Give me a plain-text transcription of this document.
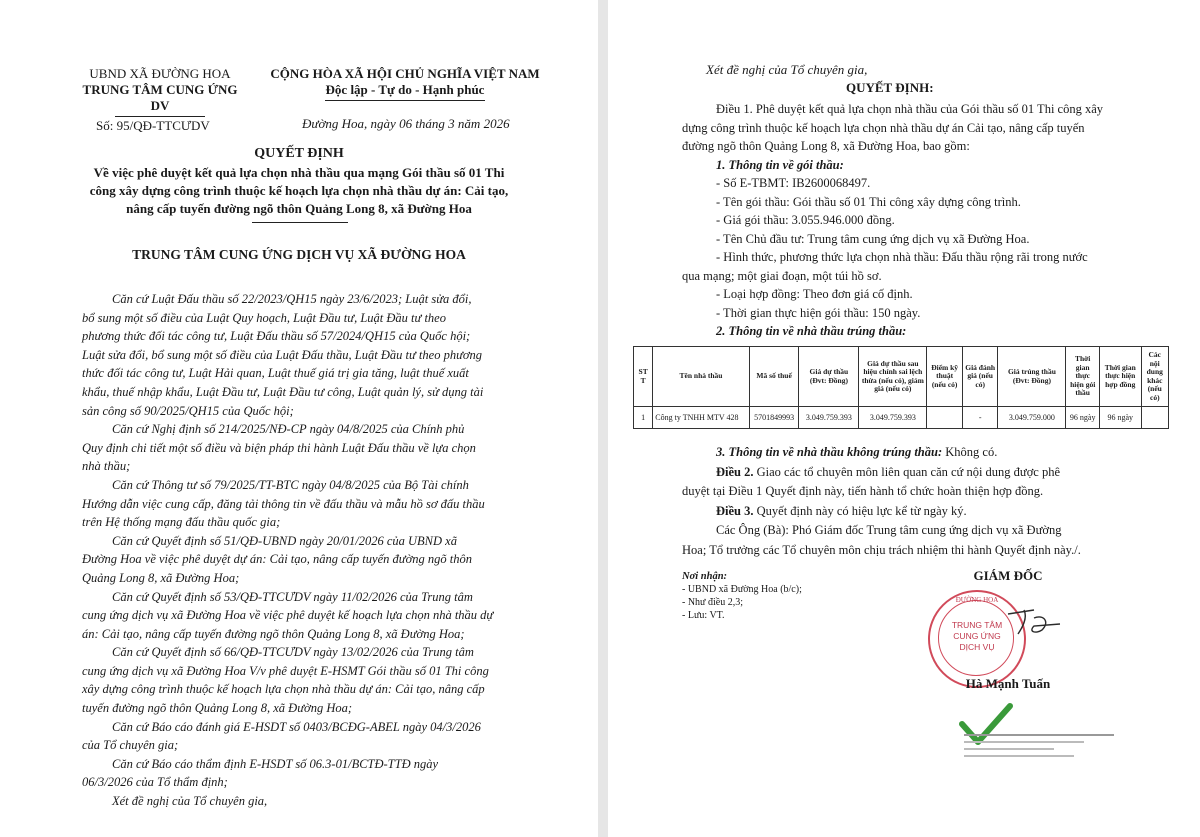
UBND XÃ ĐƯỜNG HOA
TRUNG TÂM CUNG ỨNG DV
CỘNG HÒA XÃ HỘI CHỦ NGHĨA VIỆT NAM
Độc lập - Tự do - Hạnh phúc
Số: 95/QĐ-TTCƯDV	Đường Hoa, ngày 06 tháng 3 năm 2026
QUYẾT ĐỊNH
Về việc phê duyệt kết quả lựa chọn nhà thầu qua mạng Gói thầu số 01 Thi
công xây dựng công trình thuộc kế hoạch lựa chọn nhà thầu dự án: Cải tạo,
nâng cấp tuyến đường ngõ thôn Quảng Long 8, xã Đường Hoa
TRUNG TÂM CUNG ỨNG DỊCH VỤ XÃ ĐƯỜNG HOA
Căn cứ Luật Đấu thầu số 22/2023/QH15 ngày 23/6/2023; Luật sửa đổi,
bổ sung một số điều của Luật Quy hoạch, Luật Đầu tư, Luật Đầu tư theo
phương thức đối tác công tư, Luật Đấu thầu số 57/2024/QH15 của Quốc hội;
Luật sửa đổi, bổ sung một số điều của Luật Đấu thầu, Luật Đầu tư theo phương
thức đối tác công tư, Luật Hải quan, Luật thuế giá trị gia tăng, luật thuế xuất
khẩu, thuế nhập khẩu, Luật Đầu tư, Luật Đầu tư công, Luật quản lý, sử dụng tài
sản công số 90/2025/QH15 của Quốc hội;
Căn cứ Nghị định số 214/2025/NĐ-CP ngày 04/8/2025 của Chính phủ
Quy định chi tiết một số điều và biện pháp thi hành Luật Đấu thầu về lựa chọn
nhà thầu;
Căn cứ Thông tư số 79/2025/TT-BTC ngày 04/8/2025 của Bộ Tài chính
Hướng dẫn việc cung cấp, đăng tải thông tin về đấu thầu và mẫu hồ sơ đấu thầu
trên Hệ thống mạng đấu thầu quốc gia;
Căn cứ Quyết định số 51/QĐ-UBND ngày 20/01/2026 của UBND xã
Đường Hoa về việc phê duyệt dự án: Cải tạo, nâng cấp tuyến đường ngõ thôn
Quảng Long 8, xã Đường Hoa;
Căn cứ Quyết định số 53/QĐ-TTCƯDV ngày 11/02/2026 của Trung tâm
cung ứng dịch vụ xã Đường Hoa về việc phê duyệt kế hoạch lựa chọn nhà thầu dự
án: Cải tạo, nâng cấp tuyến đường ngõ thôn Quảng Long 8, xã Đường Hoa;
Căn cứ Quyết định số 66/QĐ-TTCƯDV ngày 13/02/2026 của Trung tâm
cung ứng dịch vụ xã Đường Hoa V/v phê duyệt E-HSMT Gói thầu số 01 Thi công
xây dựng công trình thuộc kế hoạch lựa chọn nhà thầu dự án: Cải tạo, nâng cấp
tuyến đường ngõ thôn Quảng Long 8, xã Đường Hoa;
Căn cứ Báo cáo đánh giá E-HSDT số 0403/BCĐG-ABEL ngày 04/3/2026
của Tổ chuyên gia;
Căn cứ Báo cáo thẩm định E-HSDT số 06.3-01/BCTĐ-TTĐ ngày
06/3/2026 của Tổ thẩm định;
Xét đề nghị của Tổ chuyên gia,
Xét đề nghị của Tổ chuyên gia,
QUYẾT ĐỊNH:
Điều 1. Phê duyệt kết quả lựa chọn nhà thầu của Gói thầu số 01 Thi công xây
dựng công trình thuộc kế hoạch lựa chọn nhà thầu dự án Cải tạo, nâng cấp tuyến
đường ngõ thôn Quảng Long 8, xã Đường Hoa, bao gồm:
1. Thông tin về gói thầu:
- Số E-TBMT: IB2600068497.
- Tên gói thầu: Gói thầu số 01 Thi công xây dựng công trình.
- Giá gói thầu: 3.055.946.000 đồng.
- Tên Chủ đầu tư: Trung tâm cung ứng dịch vụ xã Đường Hoa.
- Hình thức, phương thức lựa chọn nhà thầu: Đấu thầu rộng rãi trong nước
qua mạng; một giai đoạn, một túi hồ sơ.
- Loại hợp đồng: Theo đơn giá cố định.
- Thời gian thực hiện gói thầu: 150 ngày.
2. Thông tin về nhà thầu trúng thầu:
ST T	Tên nhà thầu	Mã số thuế	Giá dự thầu (Đvt: Đồng)	Giá dự thầu sau hiệu chỉnh sai lệch thừa (nếu có), giảm giá (nếu có)	Điểm kỹ thuật (nếu có)	Giá đánh giá (nếu có)	Giá trúng thầu (Đvt: Đồng)	Thời gian thực hiện gói thầu	Thời gian thực hiện hợp đồng	Các nội dung khác (nếu có)
1	Công ty TNHH MTV 428	5701849993	3.049.759.393	3.049.759.393		-	3.049.759.000	96 ngày	96 ngày	
3. Thông tin về nhà thầu không trúng thầu: Không có.
Điều 2. Giao các tổ chuyên môn liên quan căn cứ nội dung được phê
duyệt tại Điều 1 Quyết định này, tiến hành tổ chức hoàn thiện hợp đồng.
Điều 3. Quyết định này có hiệu lực kể từ ngày ký.
Các Ông (Bà): Phó Giám đốc Trung tâm cung ứng dịch vụ xã Đường
Hoa; Tổ trưởng các Tổ chuyên môn chịu trách nhiệm thi hành Quyết định này./.
Nơi nhận:
- UBND xã Đường Hoa (b/c);
- Như điều 2,3;
- Lưu: VT.
GIÁM ĐỐC
ĐƯỜNG HOA
TRUNG TÂM CUNG ỨNG DỊCH VỤ
Hà Mạnh Tuấn
